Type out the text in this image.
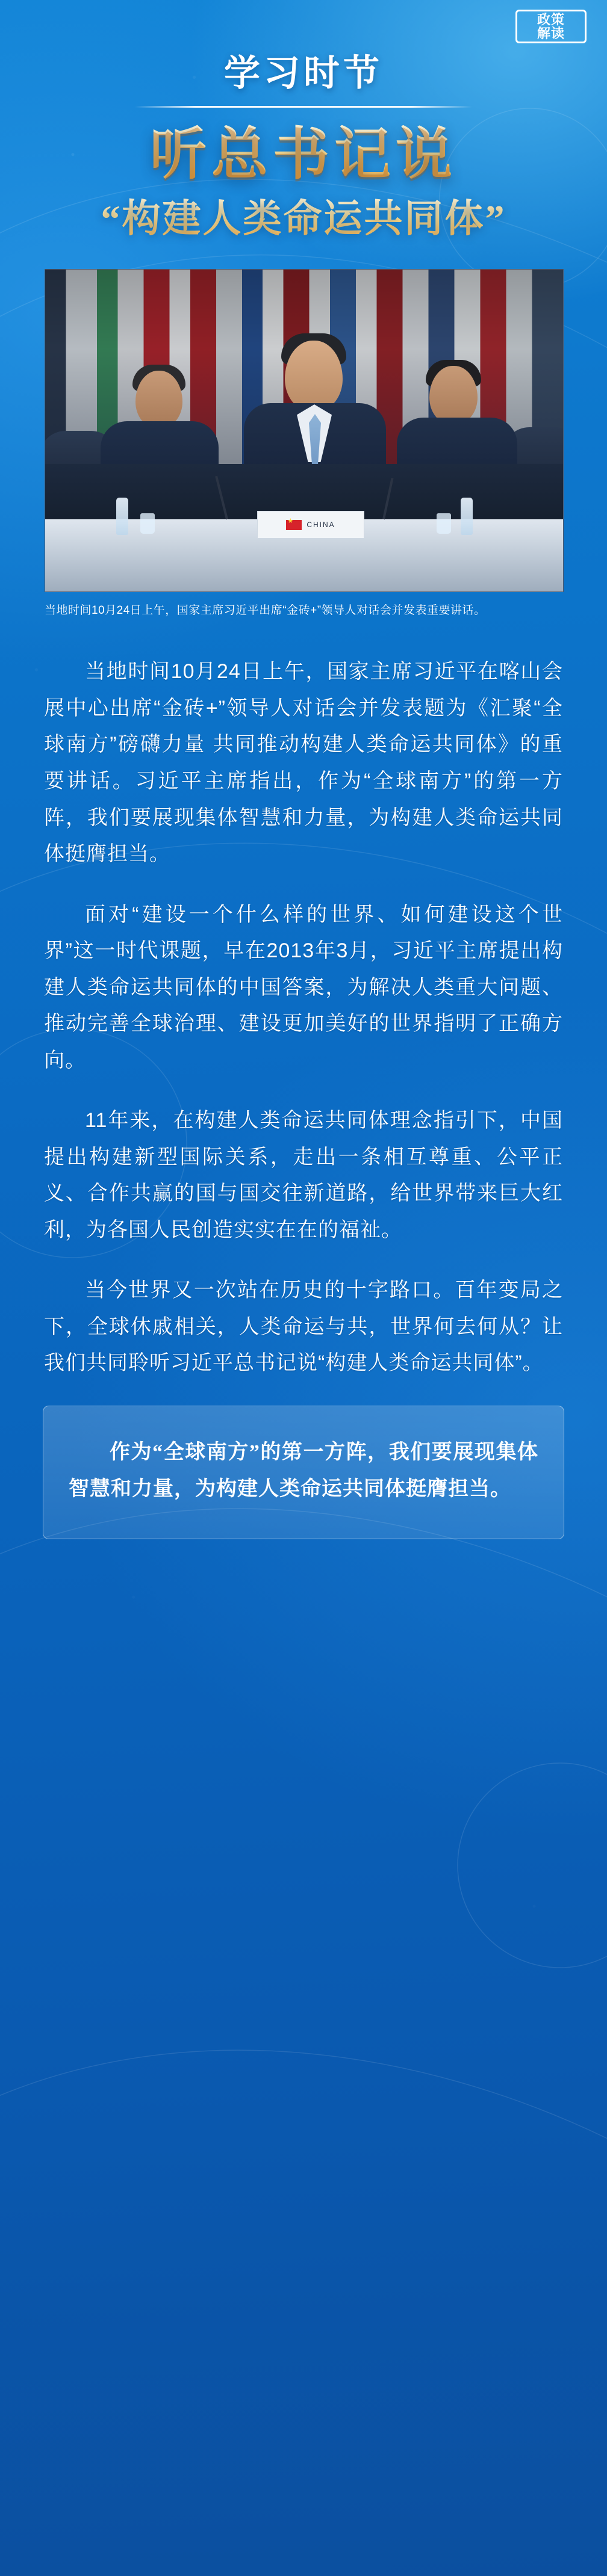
政策
解读
学习时节
听总书记说
“构建人类命运共同体”
★
CHINA
当地时间10月24日上午，国家主席习近平出席“金砖+”领导人对话会并发表重要讲话。

当地时间10月24日上午，国家主席习近平在喀山会展中心出席“金砖+”领导人对话会并发表题为《汇聚“全球南方”磅礴力量 共同推动构建人类命运共同体》的重要讲话。习近平主席指出，作为“全球南方”的第一方阵，我们要展现集体智慧和力量，为构建人类命运共同体挺膺担当。

面对“建设一个什么样的世界、如何建设这个世界”这一时代课题，早在2013年3月，习近平主席提出构建人类命运共同体的中国答案，为解决人类重大问题、推动完善全球治理、建设更加美好的世界指明了正确方向。

11年来，在构建人类命运共同体理念指引下，中国提出构建新型国际关系，走出一条相互尊重、公平正义、合作共赢的国与国交往新道路，给世界带来巨大红利，为各国人民创造实实在在的福祉。

当今世界又一次站在历史的十字路口。百年变局之下，全球休戚相关，人类命运与共，世界何去何从？让我们共同聆听习近平总书记说“构建人类命运共同体”。

作为“全球南方”的第一方阵，我们要展现集体智慧和力量，为构建人类命运共同体挺膺担当。
